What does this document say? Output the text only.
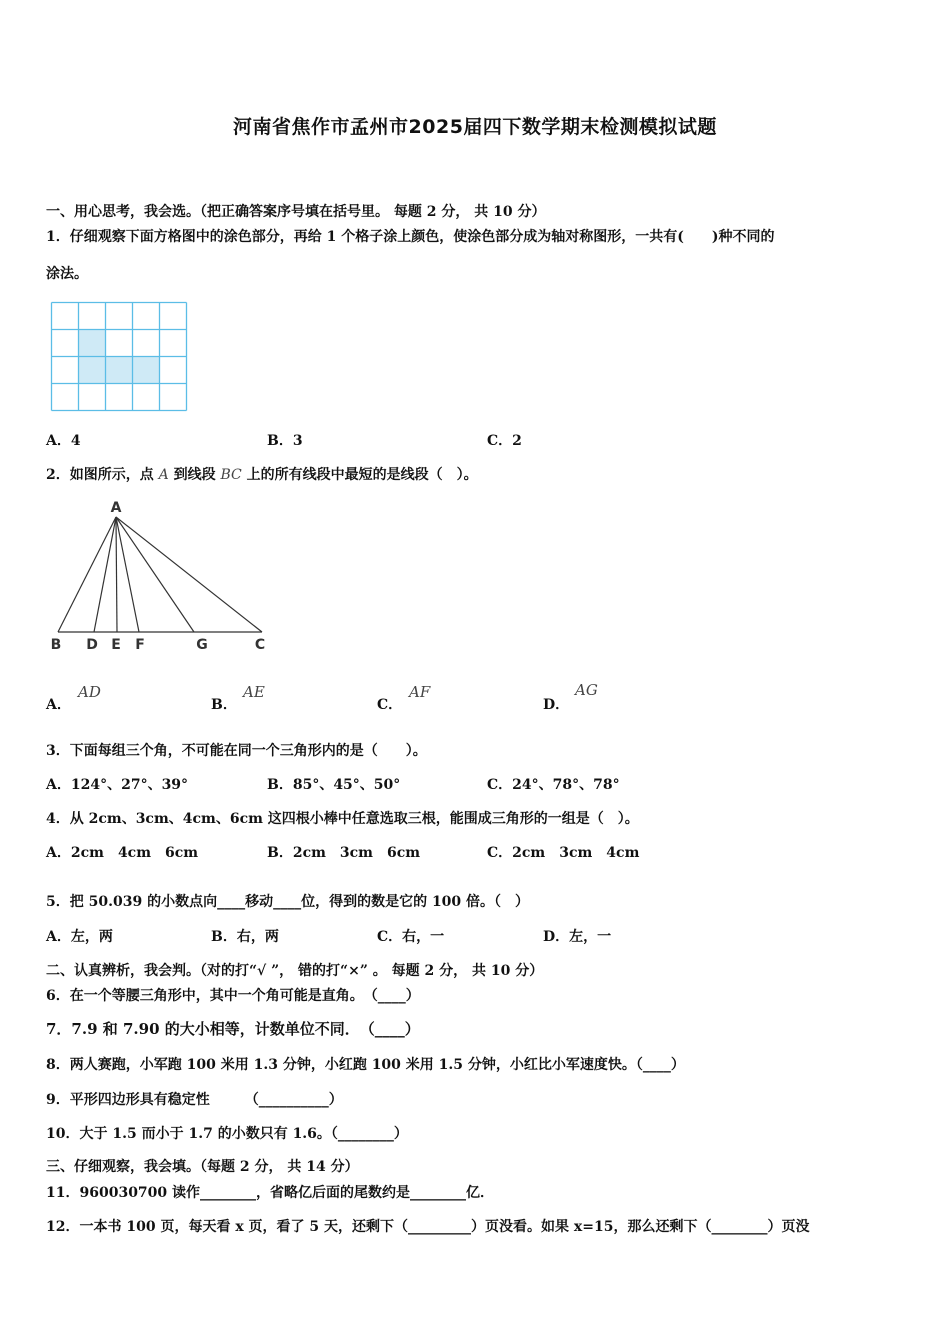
河南省焦作市孟州市2025届四下数学期末检测模拟试题
一、用心思考，我会选。（把正确答案序号填在括号里。 每题 2 分， 共 10 分）
1．仔细观察下面方格图中的涂色部分，再给 1 个格子涂上颜色，使涂色部分成为轴对称图形，一共有(　　)种不同的
涂法。
A．4	B．3	C．2
2．如图所示，点 A 到线段 BC 上的所有线段中最短的是线段（　）。
A
B D E F	G	C
A．
AD
B．
AE
C．
AF
D．
AG
3．下面每组三个角，不可能在同一个三角形内的是（　　）。
A．124°、27°、39°	B．85°、45°、50°	C．24°、78°、78°
4．从 2cm、3cm、4cm、6cm 这四根小棒中任意选取三根，能围成三角形的一组是（　）。
A．2cm　4cm　6cm	B．2cm　3cm　6cm	C．2cm　3cm　4cm
5．把 50.039 的小数点向____移动____位，得到的数是它的 100 倍。（　）
A．左，两	B．右，两	C．右，一	D．左，一
二、认真辨析，我会判。（对的打“√ ”， 错的打“×” 。 每题 2 分， 共 10 分）
6．在一个等腰三角形中，其中一个角可能是直角。　（____）
7．7.9 和 7.90 的大小相等，计数单位不同．　（____）
8．两人赛跑，小军跑 100 米用 1.3 分钟，小红跑 100 米用 1.5 分钟，小红比小军速度快。（____）
9．平形四边形具有稳定性　　　（__________）
10．大于 1.5 而小于 1.7 的小数只有 1.6。（________）
三、仔细观察，我会填。（每题 2 分， 共 14 分）
11．960030700 读作________，省略亿后面的尾数约是________亿．
12．一本书 100 页，每天看 x 页，看了 5 天，还剩下（_________）页没看。如果 x=15，那么还剩下（________）页没
